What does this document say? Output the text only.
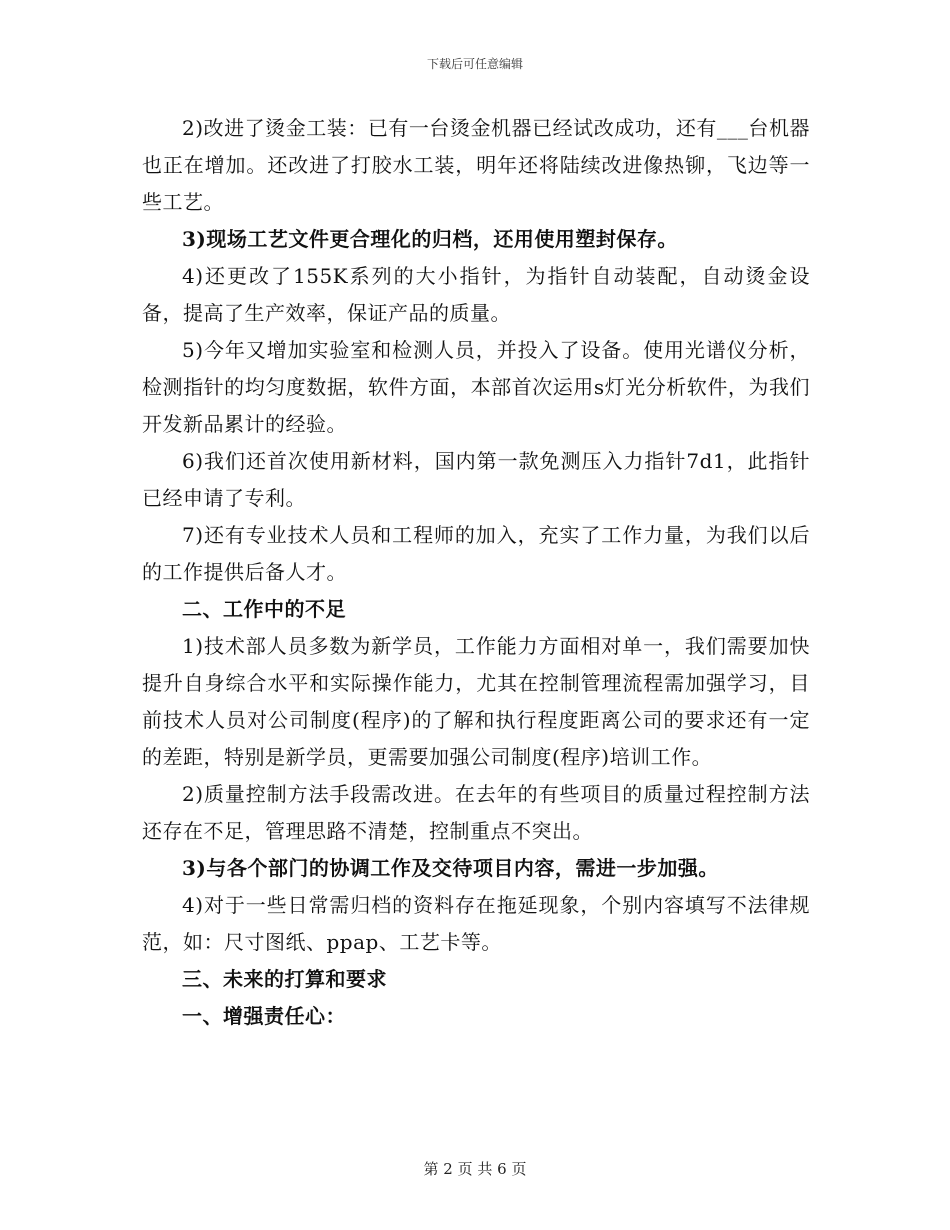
下载后可任意编辑

2)改进了烫金工装：已有一台烫金机器已经试改成功，还有___台机器也正在增加。还改进了打胶水工装，明年还将陆续改进像热铆，飞边等一些工艺。

3)现场工艺文件更合理化的归档，还用使用塑封保存。

4)还更改了155K系列的大小指针，为指针自动装配，自动烫金设备，提高了生产效率，保证产品的质量。

5)今年又增加实验室和检测人员，并投入了设备。使用光谱仪分析，检测指针的均匀度数据，软件方面，本部首次运用s灯光分析软件，为我们开发新品累计的经验。

6)我们还首次使用新材料，国内第一款免测压入力指针7d1，此指针已经申请了专利。

7)还有专业技术人员和工程师的加入，充实了工作力量，为我们以后的工作提供后备人才。

二、工作中的不足

1)技术部人员多数为新学员，工作能力方面相对单一，我们需要加快提升自身综合水平和实际操作能力，尤其在控制管理流程需加强学习，目前技术人员对公司制度(程序)的了解和执行程度距离公司的要求还有一定的差距，特别是新学员，更需要加强公司制度(程序)培训工作。

2)质量控制方法手段需改进。在去年的有些项目的质量过程控制方法还存在不足，管理思路不清楚，控制重点不突出。

3)与各个部门的协调工作及交待项目内容，需进一步加强。

4)对于一些日常需归档的资料存在拖延现象，个别内容填写不法律规范，如：尺寸图纸、ppap、工艺卡等。

三、未来的打算和要求

一、增强责任心：

第 2 页 共 6 页
